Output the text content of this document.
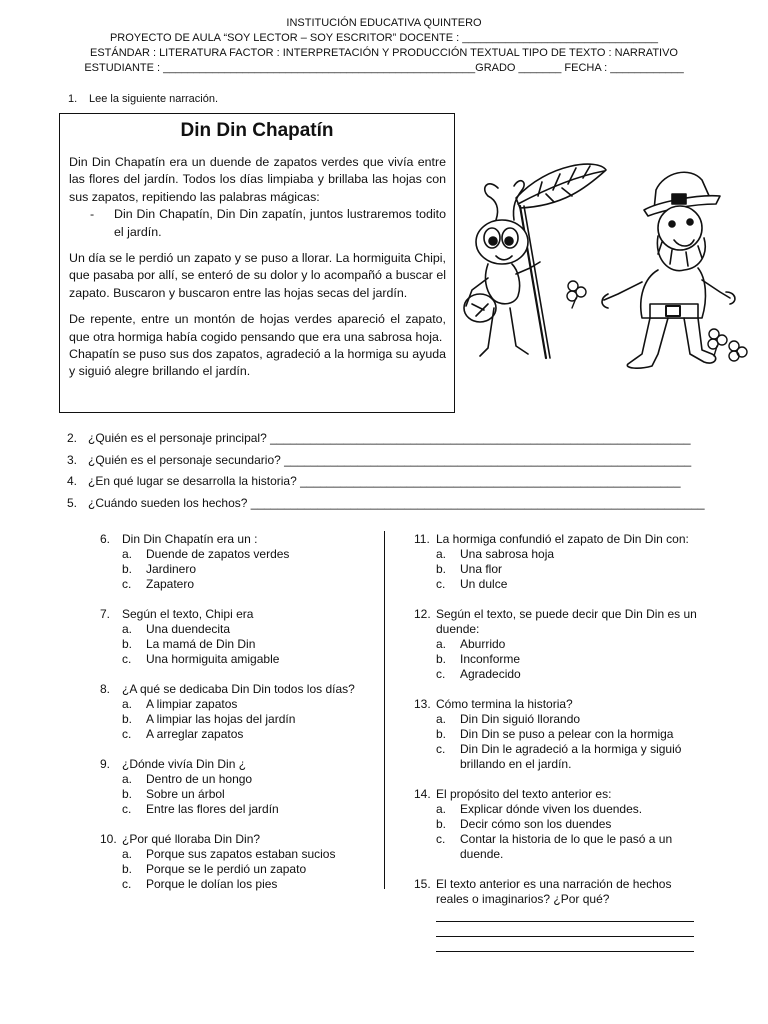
INSTITUCIÓN EDUCATIVA QUINTERO
PROYECTO DE AULA “SOY LECTOR – SOY ESCRITOR” DOCENTE : ________________________________
ESTÁNDAR : LITERATURA FACTOR : INTERPRETACIÓN Y PRODUCCIÓN TEXTUAL TIPO DE TEXTO : NARRATIVO
ESTUDIANTE : ___________________________________________________GRADO _______ FECHA : ____________
1. Lee la siguiente narración.
Din Din Chapatín

Din Din Chapatín era un duende de zapatos verdes que vivía entre las flores del jardín. Todos los días limpiaba y brillaba las hojas con sus zapatos, repitiendo las palabras mágicas:

-	Din Din Chapatín, Din Din zapatín, juntos lustraremos todito el jardín.

Un día se le perdió un zapato y se puso a llorar. La hormiguita Chipi, que pasaba por allí, se enteró de su dolor y lo acompañó a buscar el zapato. Buscaron y buscaron entre las hojas secas del jardín.

De repente, entre un montón de hojas verdes apareció el zapato, que otra hormiga había cogido pensando que era una sabrosa hoja.

Chapatín se puso sus dos zapatos, agradeció a la hormiga su ayuda y siguió alegre brillando el jardín.

2. ¿Quién es el personaje principal? _______________________________________________________________
3. ¿Quién es el personaje secundario? _____________________________________________________________
4. ¿En qué lugar se desarrolla la historia? _________________________________________________________
5. ¿Cuándo sueden los hechos? ____________________________________________________________________
6. Din Din Chapatín era un :
a.	Duende de zapatos verdes
b.	Jardinero
c.	Zapatero
7. Según el texto, Chipi era
a.	Una duendecita
b.	La mamá de Din Din
c.	Una hormiguita amigable
8. ¿A qué se dedicaba Din Din todos los días?
a.	A limpiar zapatos
b.	A limpiar las hojas del jardín
c.	A arreglar zapatos
9. ¿Dónde vivía Din Din ¿
a.	Dentro de un hongo
b.	Sobre un árbol
c.	Entre las flores del jardín
10. ¿Por qué lloraba Din Din?
a.	Porque sus zapatos estaban sucios
b.	Porque se le perdió un zapato
c.	Porque le dolían los pies
11. La hormiga confundió el zapato de Din Din con:
a.	Una sabrosa hoja
b.	Una flor
c.	Un dulce
12. Según el texto, se puede decir que Din Din es un duende:
a.	Aburrido
b.	Inconforme
c.	Agradecido
13. Cómo termina la historia?
a.	Din Din siguió llorando
b.	Din Din se puso a pelear con la hormiga
c.	Din Din le agradeció a la hormiga y siguió brillando en el jardín.
14. El propósito del texto anterior es:
a.	Explicar dónde viven los duendes.
b.	Decir cómo son los duendes
c.	Contar la historia de lo que le pasó a un duende.
15. El texto anterior es una narración de hechos reales o imaginarios? ¿Por qué?
